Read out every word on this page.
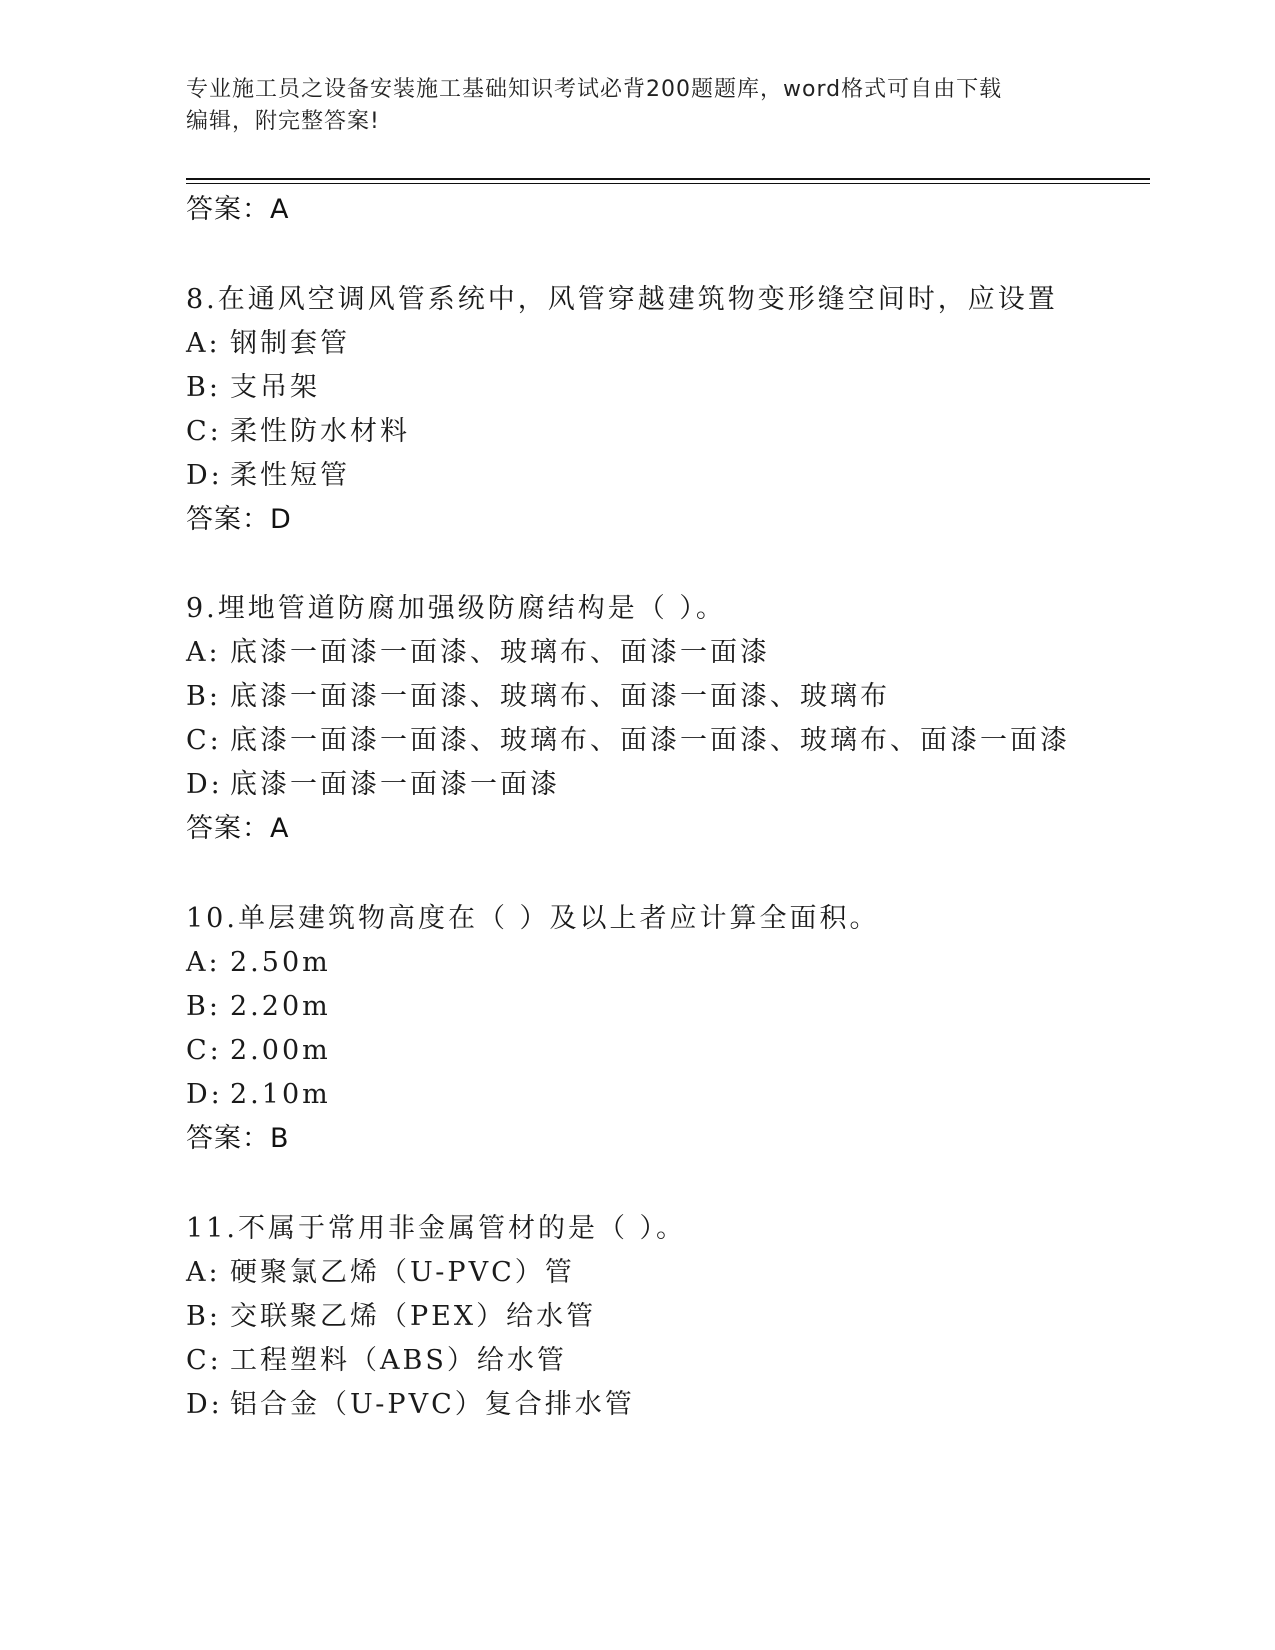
专业施工员之设备安装施工基础知识考试必背200题题库，word格式可自由下载
编辑，附完整答案!
答案：A
8.在通风空调风管系统中，风管穿越建筑物变形缝空间时，应设置
A: 钢制套管
B: 支吊架
C: 柔性防水材料
D: 柔性短管
答案：D
9.埋地管道防腐加强级防腐结构是（ ）。
A: 底漆一面漆一面漆、玻璃布、面漆一面漆
B: 底漆一面漆一面漆、玻璃布、面漆一面漆、玻璃布
C: 底漆一面漆一面漆、玻璃布、面漆一面漆、玻璃布、面漆一面漆
D: 底漆一面漆一面漆一面漆
答案：A
10.单层建筑物高度在（ ）及以上者应计算全面积。
A: 2.50m
B: 2.20m
C: 2.00m
D: 2.10m
答案：B
11.不属于常用非金属管材的是（ ）。
A: 硬聚氯乙烯（U-PVC）管
B: 交联聚乙烯（PEX）给水管
C: 工程塑料（ABS）给水管
D: 铝合金（U-PVC）复合排水管
